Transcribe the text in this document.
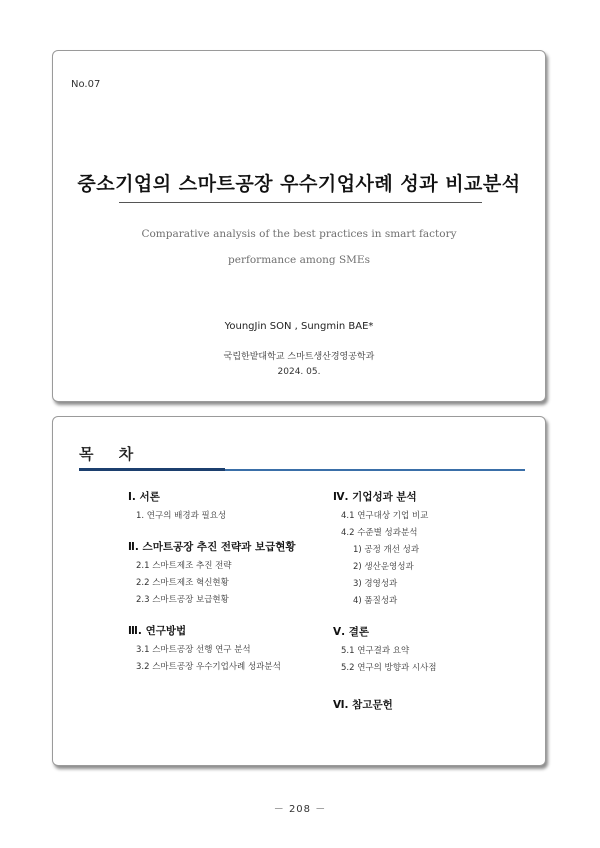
No.07
중소기업의 스마트공장 우수기업사례 성과 비교분석
Comparative analysis of the best practices in smart factory
performance among SMEs
YoungJin SON , Sungmin BAE*
국립한밭대학교 스마트생산경영공학과
2024. 05.
목 차
Ⅰ. 서론
1. 연구의 배경과 필요성
Ⅱ. 스마트공장 추진 전략과 보급현황
2.1 스마트제조 추진 전략
2.2 스마트제조 혁신현황
2.3 스마트공장 보급현황
Ⅲ. 연구방법
3.1 스마트공장 선행 연구 분석
3.2 스마트공장 우수기업사례 성과분석
Ⅳ. 기업성과 분석
4.1 연구대상 기업 비교
4.2 수준별 성과분석
1) 공정 개선 성과
2) 생산운영성과
3) 경영성과
4) 품질성과
Ⅴ. 결론
5.1 연구결과 요약
5.2 연구의 방향과 시사점
Ⅵ. 참고문헌
－ 208 －
